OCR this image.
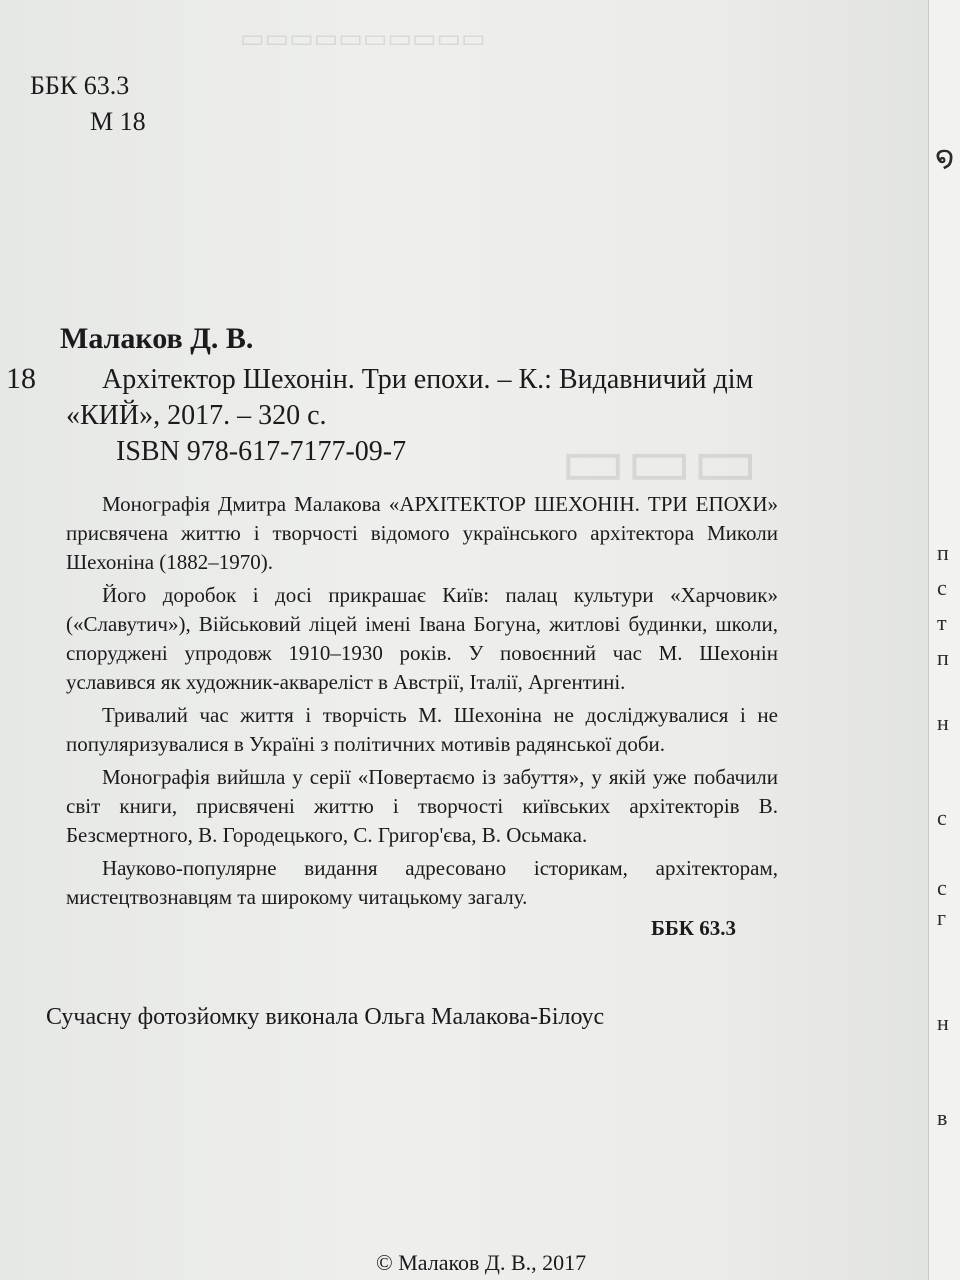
▭▭▭▭▭▭▭▭▭▭
▭▭▭
ББК 63.3
М 18
Малаков Д. В.
18	Архітектор Шехонін. Три епохи. – К.: Видавничий дім
«КИЙ», 2017. – 320 с.
ISBN 978-617-7177-09-7

Монографія Дмитра Малакова «АРХІТЕКТОР ШЕХОНІН. ТРИ ЕПОХИ» присвячена життю і творчості відомого українського архітектора Миколи Шехоніна (1882–1970).

Його доробок і досі прикрашає Київ: палац культури «Харчовик» («Славутич»), Військовий ліцей імені Івана Богуна, житлові будинки, школи, споруджені упродовж 1910–1930 років. У повоєнний час М. Шехонін уславився як художник-аквареліст в Австрії, Італії, Аргентині.

Тривалий час життя і творчість М. Шехоніна не досліджувалися і не популяризувалися в Україні з політичних мотивів радянської доби.

Монографія вийшла у серії «Повертаємо із забуття», у якій уже побачили світ книги, присвячені життю і творчості київських архітекторів В. Безсмертного, В. Городецького, С. Григор'єва, В. Осьмака.

Науково-популярне видання адресовано історикам, архітекторам, мистецтвознавцям та широкому читацькому загалу.

ББК 63.3
Сучасну фотозйомку виконала Ольга Малакова-Білоус
© Малаков Д. В., 2017
໑
п
с
т
п
н
с
с
г
н
в
